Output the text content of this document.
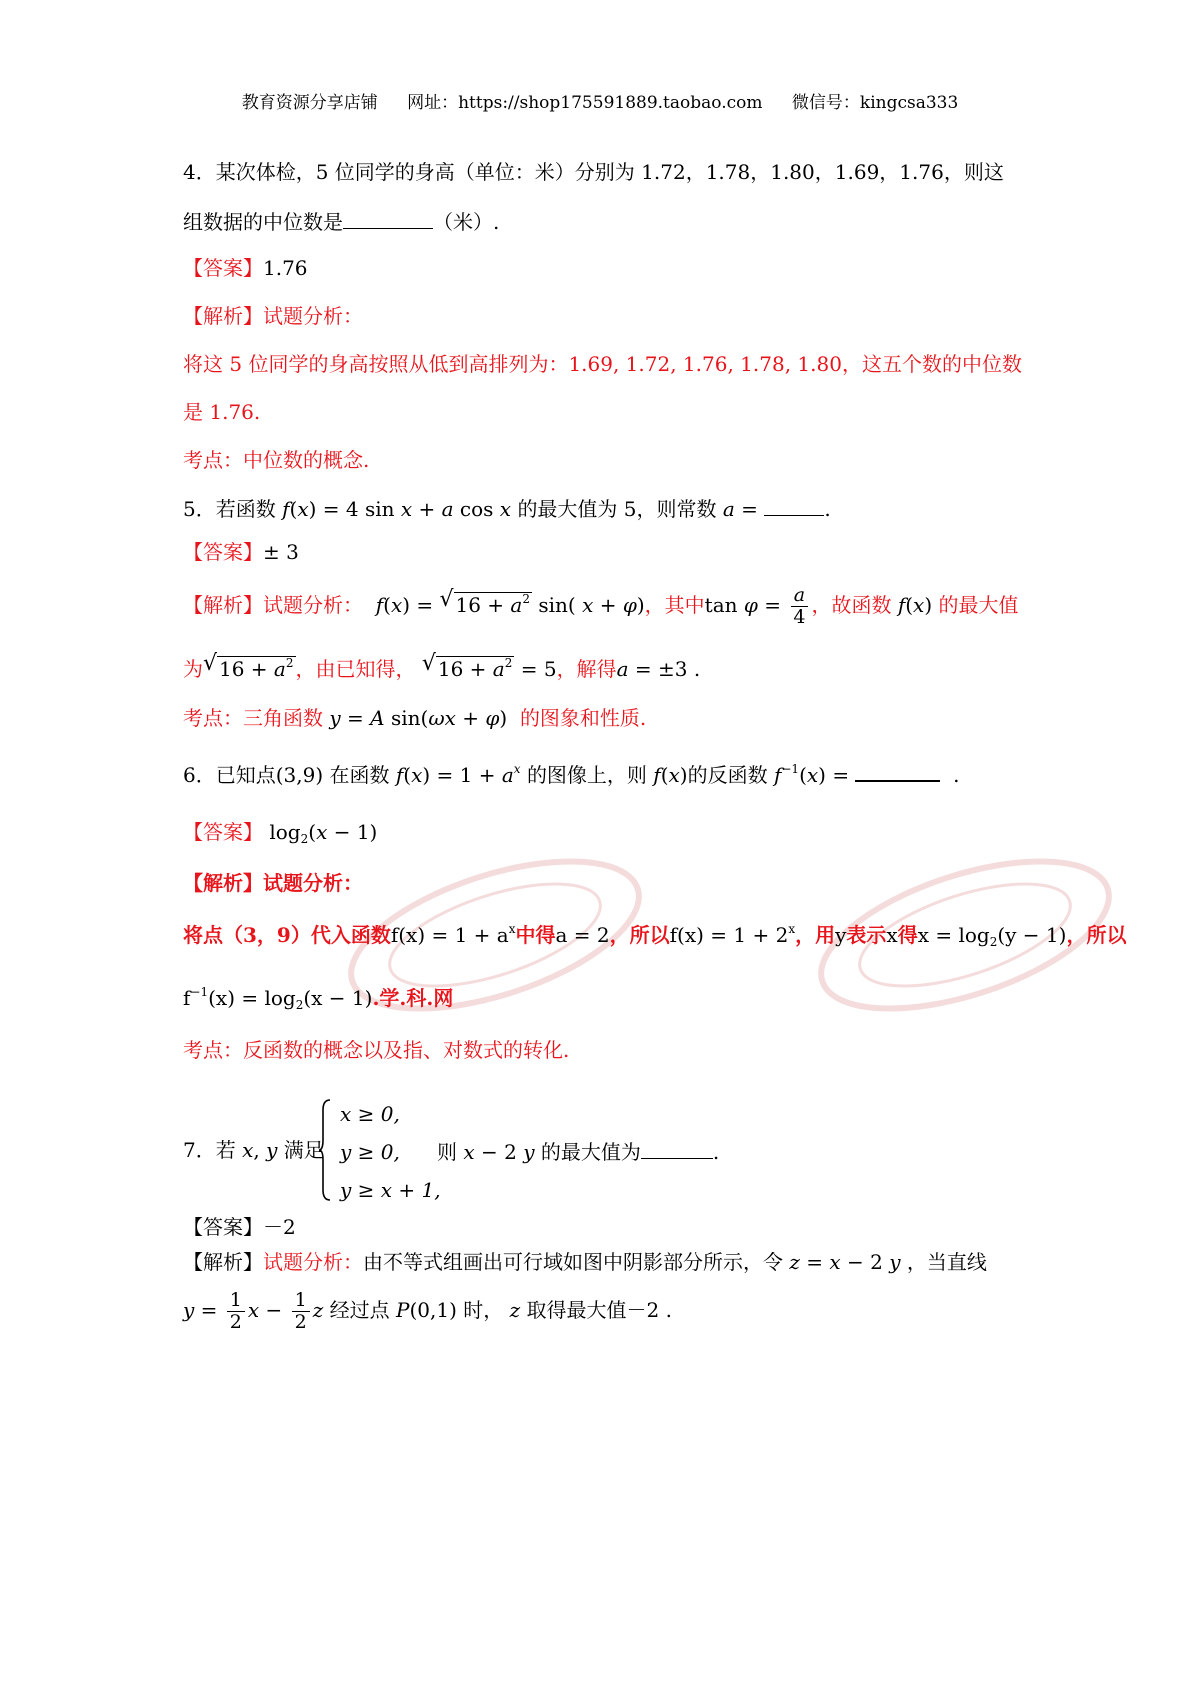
教育资源分享店铺 网址：https://shop175591889.taobao.com 微信号：kingcsa333
4．某次体检，5 位同学的身高（单位：米）分别为 1.72，1.78，1.80，1.69，1.76，则这
组数据的中位数是	（米）.
【答案】1.76
【解析】试题分析：
将这 5 位同学的身高按照从低到高排列为：1.69, 1.72, 1.76, 1.78, 1.80，这五个数的中位数
是 1.76.
考点：中位数的概念.
5．若函数 f(x) = 4 sin x + a cos x 的最大值为 5，则常数 a =	.
【答案】± 3
【解析】试题分析： f(x) = √ $16 + a^2$ sin( x + φ)，其中$\tan \varphi = \frac{a}{4}$ ，故函数 f(x) 的最大值
为 √ $16 + a^2$ ，由已知得， √ $16 + a^2 = 5$，解得a = ±3 .
考点：三角函数 y = A sin(ωx + φ) 的图象和性质.
6．已知点(3,9) 在函数 $f(x) = 1 + a^x$ 的图像上，则 f(x)的反函数 $f^{-1}(x)$ =	.
【答案】 $\log_2(x - 1)$
【解析】试题分析：
将点（3，9）代入函数$f(x) = 1 + a^x$中得a = 2，所以$f(x) = 1 + 2^x$，用y表示x得$x = \log_2(y - 1)$，所以
$f^{-1}(x) = \log_2(x - 1)$.学.科.网
考点：反函数的概念以及指、对数式的转化.
x ≥ 0,
y ≥ 0,
y ≥ x + 1,
7．若 x, y 满足	则 x − 2 y 的最大值为	.
【答案】－2
【解析】试题分析：由不等式组画出可行域如图中阴影部分所示，令 z = x − 2 y ，当直线
$y = \frac{1}{2}$ $x - \frac{1}{2}$ z 经过点 P(0,1) 时， z 取得最大值－2 .
